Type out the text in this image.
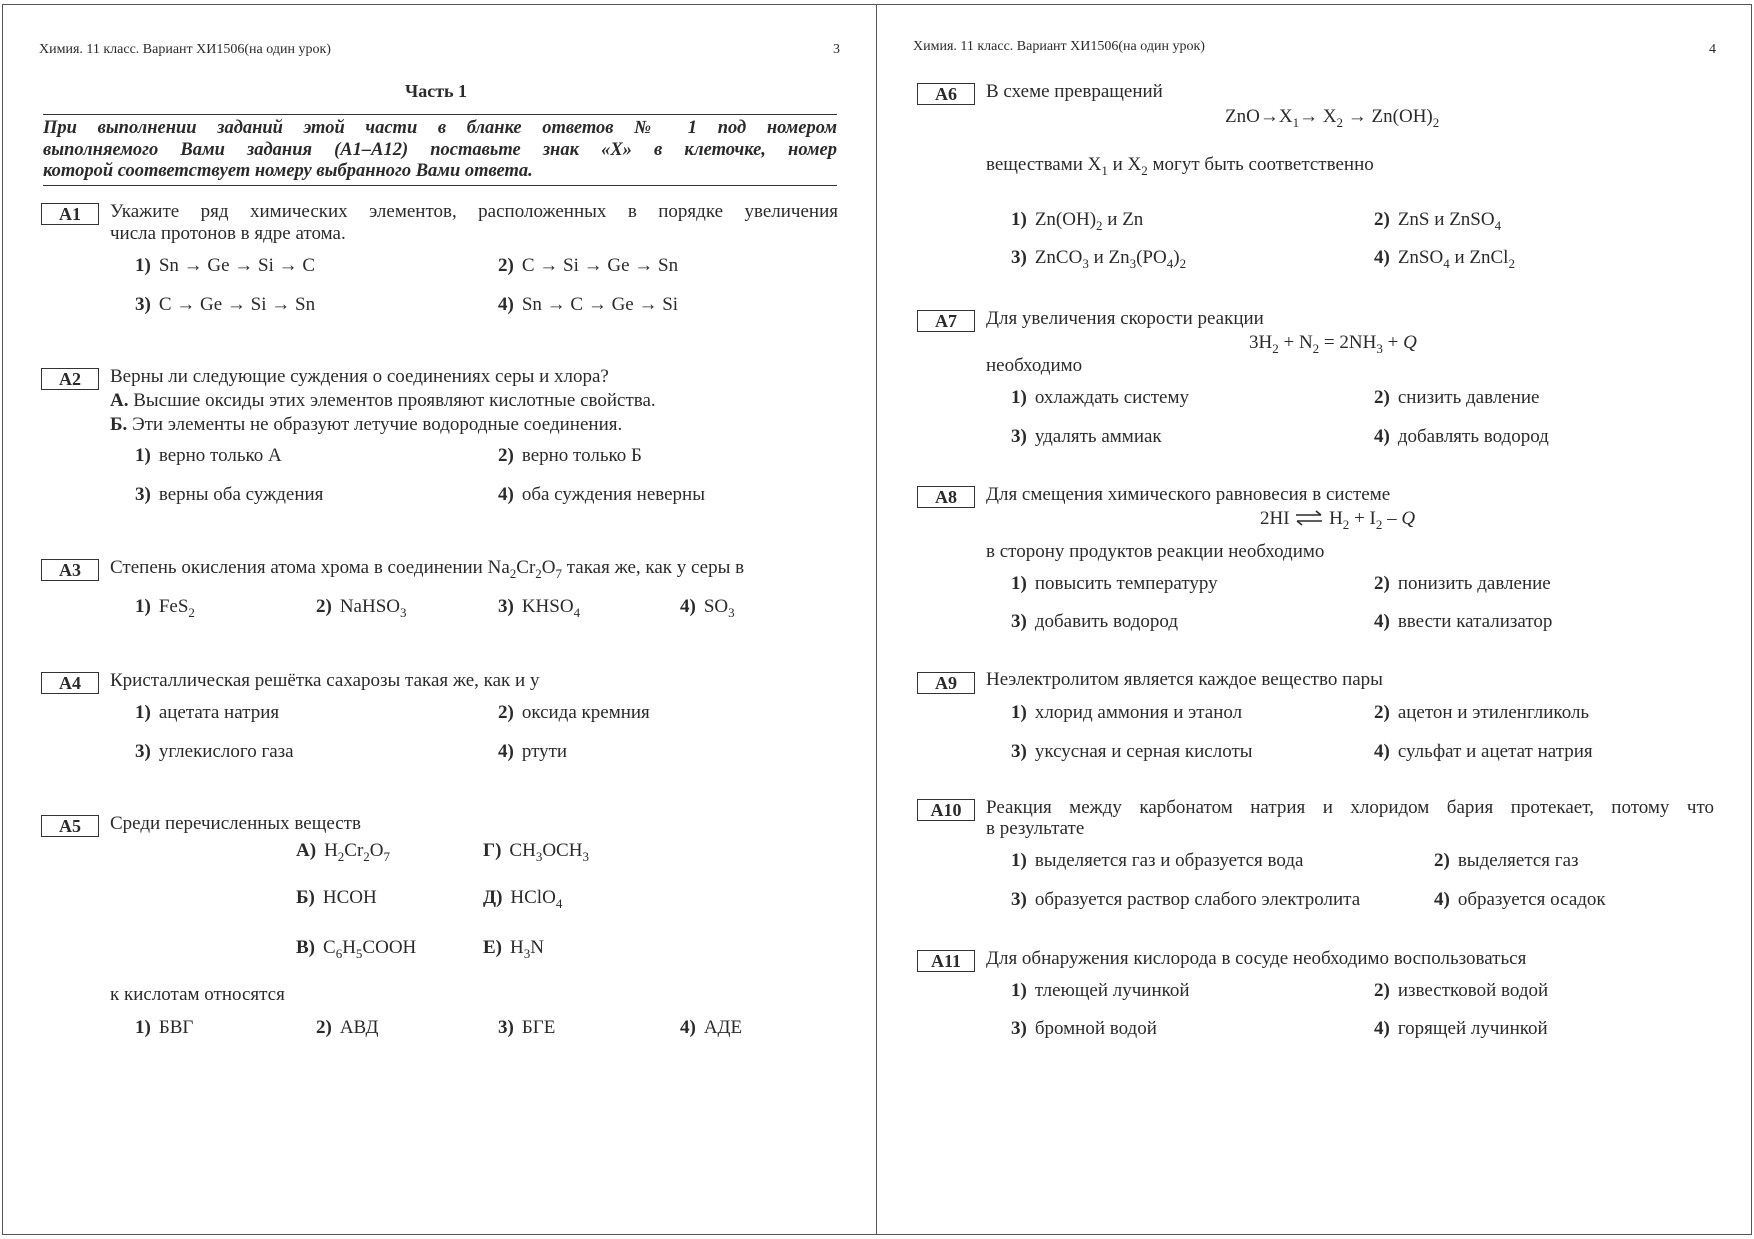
Химия. 11 класс. Вариант ХИ1506(на один урок)	3
Часть 1
При выполнении заданий этой части в бланке ответов № 1 под номером
выполняемого Вами задания (А1–А12) поставьте знак «X» в клеточке, номер
которой соответствует номеру выбранного Вами ответа.
А1	Укажите ряд химических элементов, расположенных в порядке увеличения
числа протонов в ядре атома.
1) Sn → Ge → Si → C	2) C → Si → Ge → Sn
3) C → Ge → Si → Sn	4) Sn → C → Ge → Si
А2	Верны ли следующие суждения о соединениях серы и хлора?
А. Высшие оксиды этих элементов проявляют кислотные свойства.
Б. Эти элементы не образуют летучие водородные соединения.
1) верно только А	2) верно только Б
3) верны оба суждения	4) оба суждения неверны
А3	Степень окисления атома хрома в соединении $Na_2Cr_2O_7$ такая же, как у серы в
1) FeS$_2$	2) NaHSO$_3$	3) $KHSO_4$	4) $SO_3$
А4	Кристаллическая решётка сахарозы такая же, как и у
1) ацетата натрия	2) оксида кремния
3) углекислого газа	4) ртути
А5	Среди перечисленных веществ
А) $H_2Cr_2O_7$	Г) $CH_3OCH_3$
Б) HCOH	Д) HClO$_4$
В) $C_6H_5COOH$	Е) $H_3N$
к кислотам относятся
1) БВГ	2) АВД	3) БГЕ	4) АДЕ
Химия. 11 класс. Вариант ХИ1506(на один урок)	4
А6	В схеме превращений
$ZnO\to X_1\to X_2 \to Zn(OH)_2$
веществами $X_1$ и $X_2$ могут быть соответственно
1) $Zn(OH)_2$ и Zn	2) ZnS и ZnSO$_4$
3) ZnCO$_3$ и $Zn_3(PO_4)_2$	4) ZnSO$_4$ и ZnCl$_2$
А7	Для увеличения скорости реакции
$3H_2 + N_2 = 2NH_3 + Q$
необходимо
1) охлаждать систему	2) снизить давление
3) удалять аммиак	4) добавлять водород
А8	Для смещения химического равновесия в системе
2HI ⇌ $H_2 + I_2 - Q$
в сторону продуктов реакции необходимо
1) повысить температуру	2) понизить давление
3) добавить водород	4) ввести катализатор
А9	Неэлектролитом является каждое вещество пары
1) хлорид аммония и этанол	2) ацетон и этиленгликоль
3) уксусная и серная кислоты	4) сульфат и ацетат натрия
А10	Реакция между карбонатом натрия и хлоридом бария протекает, потому что
в результате
1) выделяется газ и образуется вода	2) выделяется газ
3) образуется раствор слабого электролита	4) образуется осадок
А11	Для обнаружения кислорода в сосуде необходимо воспользоваться
1) тлеющей лучинкой	2) известковой водой
3) бромной водой	4) горящей лучинкой
